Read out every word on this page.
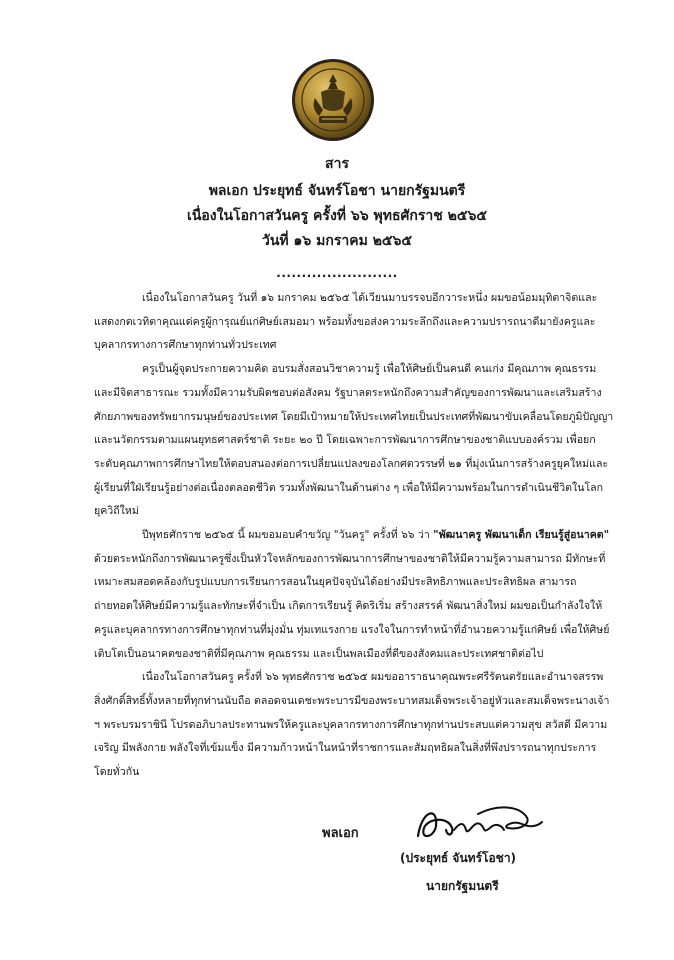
สาร
พลเอก ประยุทธ์ จันทร์โอชา นายกรัฐมนตรี
เนื่องในโอกาสวันครู ครั้งที่ ๖๖ พุทธศักราช ๒๕๖๕
วันที่ ๑๖ มกราคม ๒๕๖๕
........................

เนื่องในโอกาสวันครู วันที่ ๑๖ มกราคม ๒๕๖๕ ได้เวียนมาบรรจบอีกวาระหนึ่ง ผมขอน้อมมุทิตาจิตและแสดงกตเวทิตาคุณแด่ครูผู้การุณย์แก่ศิษย์เสมอมา พร้อมทั้งขอส่งความระลึกถึงและความปรารถนาดีมายังครูและบุคลากรทางการศึกษาทุกท่านทั่วประเทศ

ครูเป็นผู้จุดประกายความคิด อบรมสั่งสอนวิชาความรู้ เพื่อให้ศิษย์เป็นคนดี คนเก่ง มีคุณภาพ คุณธรรม และมีจิตสาธารณะ รวมทั้งมีความรับผิดชอบต่อสังคม รัฐบาลตระหนักถึงความสำคัญของการพัฒนาและเสริมสร้างศักยภาพของทรัพยากรมนุษย์ของประเทศ โดยมีเป้าหมายให้ประเทศไทยเป็นประเทศที่พัฒนาขับเคลื่อนโดยภูมิปัญญาและนวัตกรรมตามแผนยุทธศาสตร์ชาติ ระยะ ๒๐ ปี โดยเฉพาะการพัฒนาการศึกษาของชาติแบบองค์รวม เพื่อยกระดับคุณภาพการศึกษาไทยให้ตอบสนองต่อการเปลี่ยนแปลงของโลกศตวรรษที่ ๒๑ ที่มุ่งเน้นการสร้างครูยุคใหม่และผู้เรียนที่ใฝ่เรียนรู้อย่างต่อเนื่องตลอดชีวิต รวมทั้งพัฒนาในด้านต่าง ๆ เพื่อให้มีความพร้อมในการดำเนินชีวิตในโลกยุควิถีใหม่

ปีพุทธศักราช ๒๕๖๕ นี้ ผมขอมอบคำขวัญ "วันครู" ครั้งที่ ๖๖ ว่า "พัฒนาครู พัฒนาเด็ก เรียนรู้สู่อนาคต" ด้วยตระหนักถึงการพัฒนาครูซึ่งเป็นหัวใจหลักของการพัฒนาการศึกษาของชาติให้มีความรู้ความสามารถ มีทักษะที่เหมาะสมสอดคล้องกับรูปแบบการเรียนการสอนในยุคปัจจุบันได้อย่างมีประสิทธิภาพและประสิทธิผล สามารถถ่ายทอดให้ศิษย์มีความรู้และทักษะที่จำเป็น เกิดการเรียนรู้ คิดริเริ่ม สร้างสรรค์ พัฒนาสิ่งใหม่ ผมขอเป็นกำลังใจให้ครูและบุคลากรทางการศึกษาทุกท่านที่มุ่งมั่น ทุ่มเทแรงกาย แรงใจในการทำหน้าที่อำนวยความรู้แก่ศิษย์ เพื่อให้ศิษย์เติบโตเป็นอนาคตของชาติที่มีคุณภาพ คุณธรรม และเป็นพลเมืองที่ดีของสังคมและประเทศชาติต่อไป

เนื่องในโอกาสวันครู ครั้งที่ ๖๖ พุทธศักราช ๒๕๖๕ ผมขออาราธนาคุณพระศรีรัตนตรัยและอำนาจสรรพสิ่งศักดิ์สิทธิ์ทั้งหลายที่ทุกท่านนับถือ ตลอดจนเดชะพระบารมีของพระบาทสมเด็จพระเจ้าอยู่หัวและสมเด็จพระนางเจ้า ฯ พระบรมราชินี โปรดอภิบาลประทานพรให้ครูและบุคลากรทางการศึกษาทุกท่านประสบแต่ความสุข สวัสดี มีความเจริญ มีพลังกาย พลังใจที่เข้มแข็ง มีความก้าวหน้าในหน้าที่ราชการและสัมฤทธิผลในสิ่งที่พึงปรารถนาทุกประการโดยทั่วกัน

พลเอก
(ประยุทธ์ จันทร์โอชา)
นายกรัฐมนตรี
